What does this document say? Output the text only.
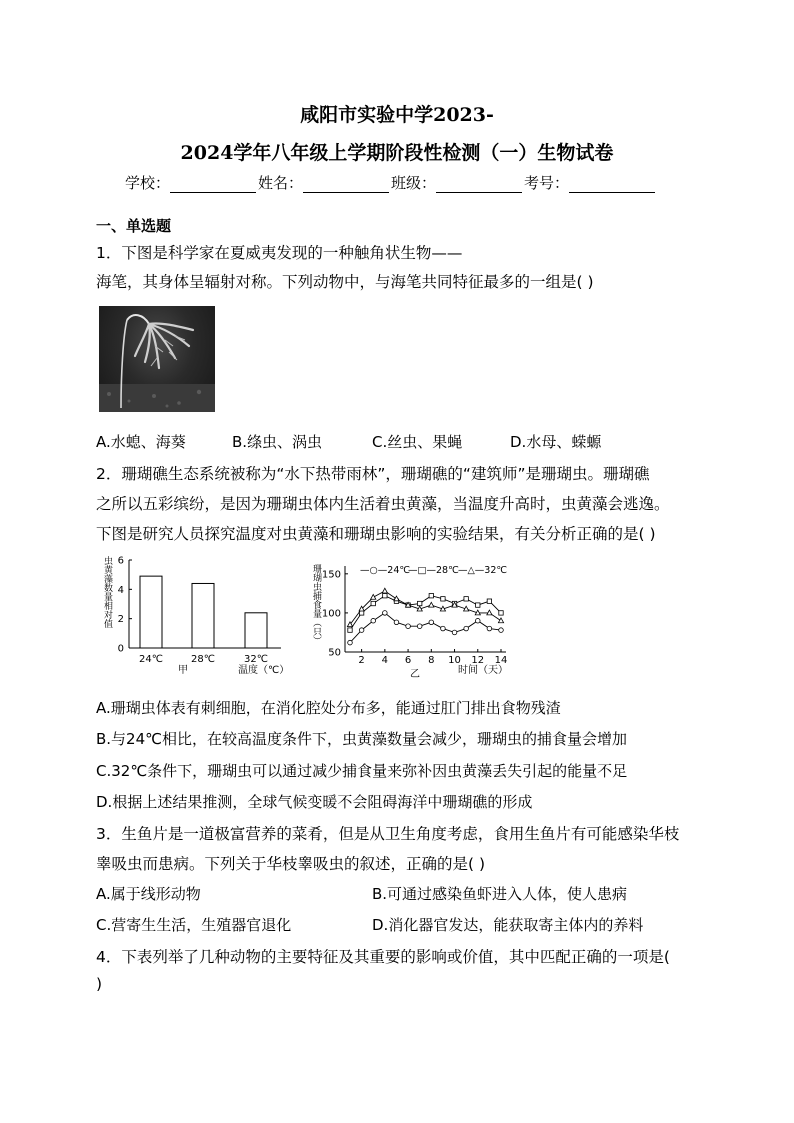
咸阳市实验中学2023-
2024学年八年级上学期阶段性检测（一）生物试卷
学校：	姓名：	班级：	考号：
一、单选题
1．下图是科学家在夏威夷发现的一种触角状生物——
海笔，其身体呈辐射对称。下列动物中，与海笔共同特征最多的一组是( )
A.水螅、海葵	B.绦虫、涡虫	C.丝虫、果蝇	D.水母、蝾螈
2．珊瑚礁生态系统被称为“水下热带雨林”，珊瑚礁的“建筑师”是珊瑚虫。珊瑚礁
之所以五彩缤纷，是因为珊瑚虫体内生活着虫黄藻，当温度升高时，虫黄藻会逃逸。
下图是研究人员探究温度对虫黄藻和珊瑚虫影响的实验结果，有关分析正确的是( )
虫黄藻数量相对值
0
2
4
6
24℃	28℃	32℃
甲	温度（℃）
珊瑚虫捕食量（只）	—○—24℃
—□—28℃ —△—32℃
50
100
150
2 4 6 8 10 12 14
乙	时间（天）
A.珊瑚虫体表有刺细胞，在消化腔处分布多，能通过肛门排出食物残渣
B.与24℃相比，在较高温度条件下，虫黄藻数量会减少，珊瑚虫的捕食量会增加
C.32℃条件下，珊瑚虫可以通过减少捕食量来弥补因虫黄藻丢失引起的能量不足
D.根据上述结果推测，全球气候变暖不会阻碍海洋中珊瑚礁的形成
3．生鱼片是一道极富营养的菜肴，但是从卫生角度考虑，食用生鱼片有可能感染华枝
睾吸虫而患病。下列关于华枝睾吸虫的叙述，正确的是( )
A.属于线形动物	B.可通过感染鱼虾进入人体，使人患病
C.营寄生生活，生殖器官退化	D.消化器官发达，能获取寄主体内的养料
4．下表列举了几种动物的主要特征及其重要的影响或价值，其中匹配正确的一项是(
)
